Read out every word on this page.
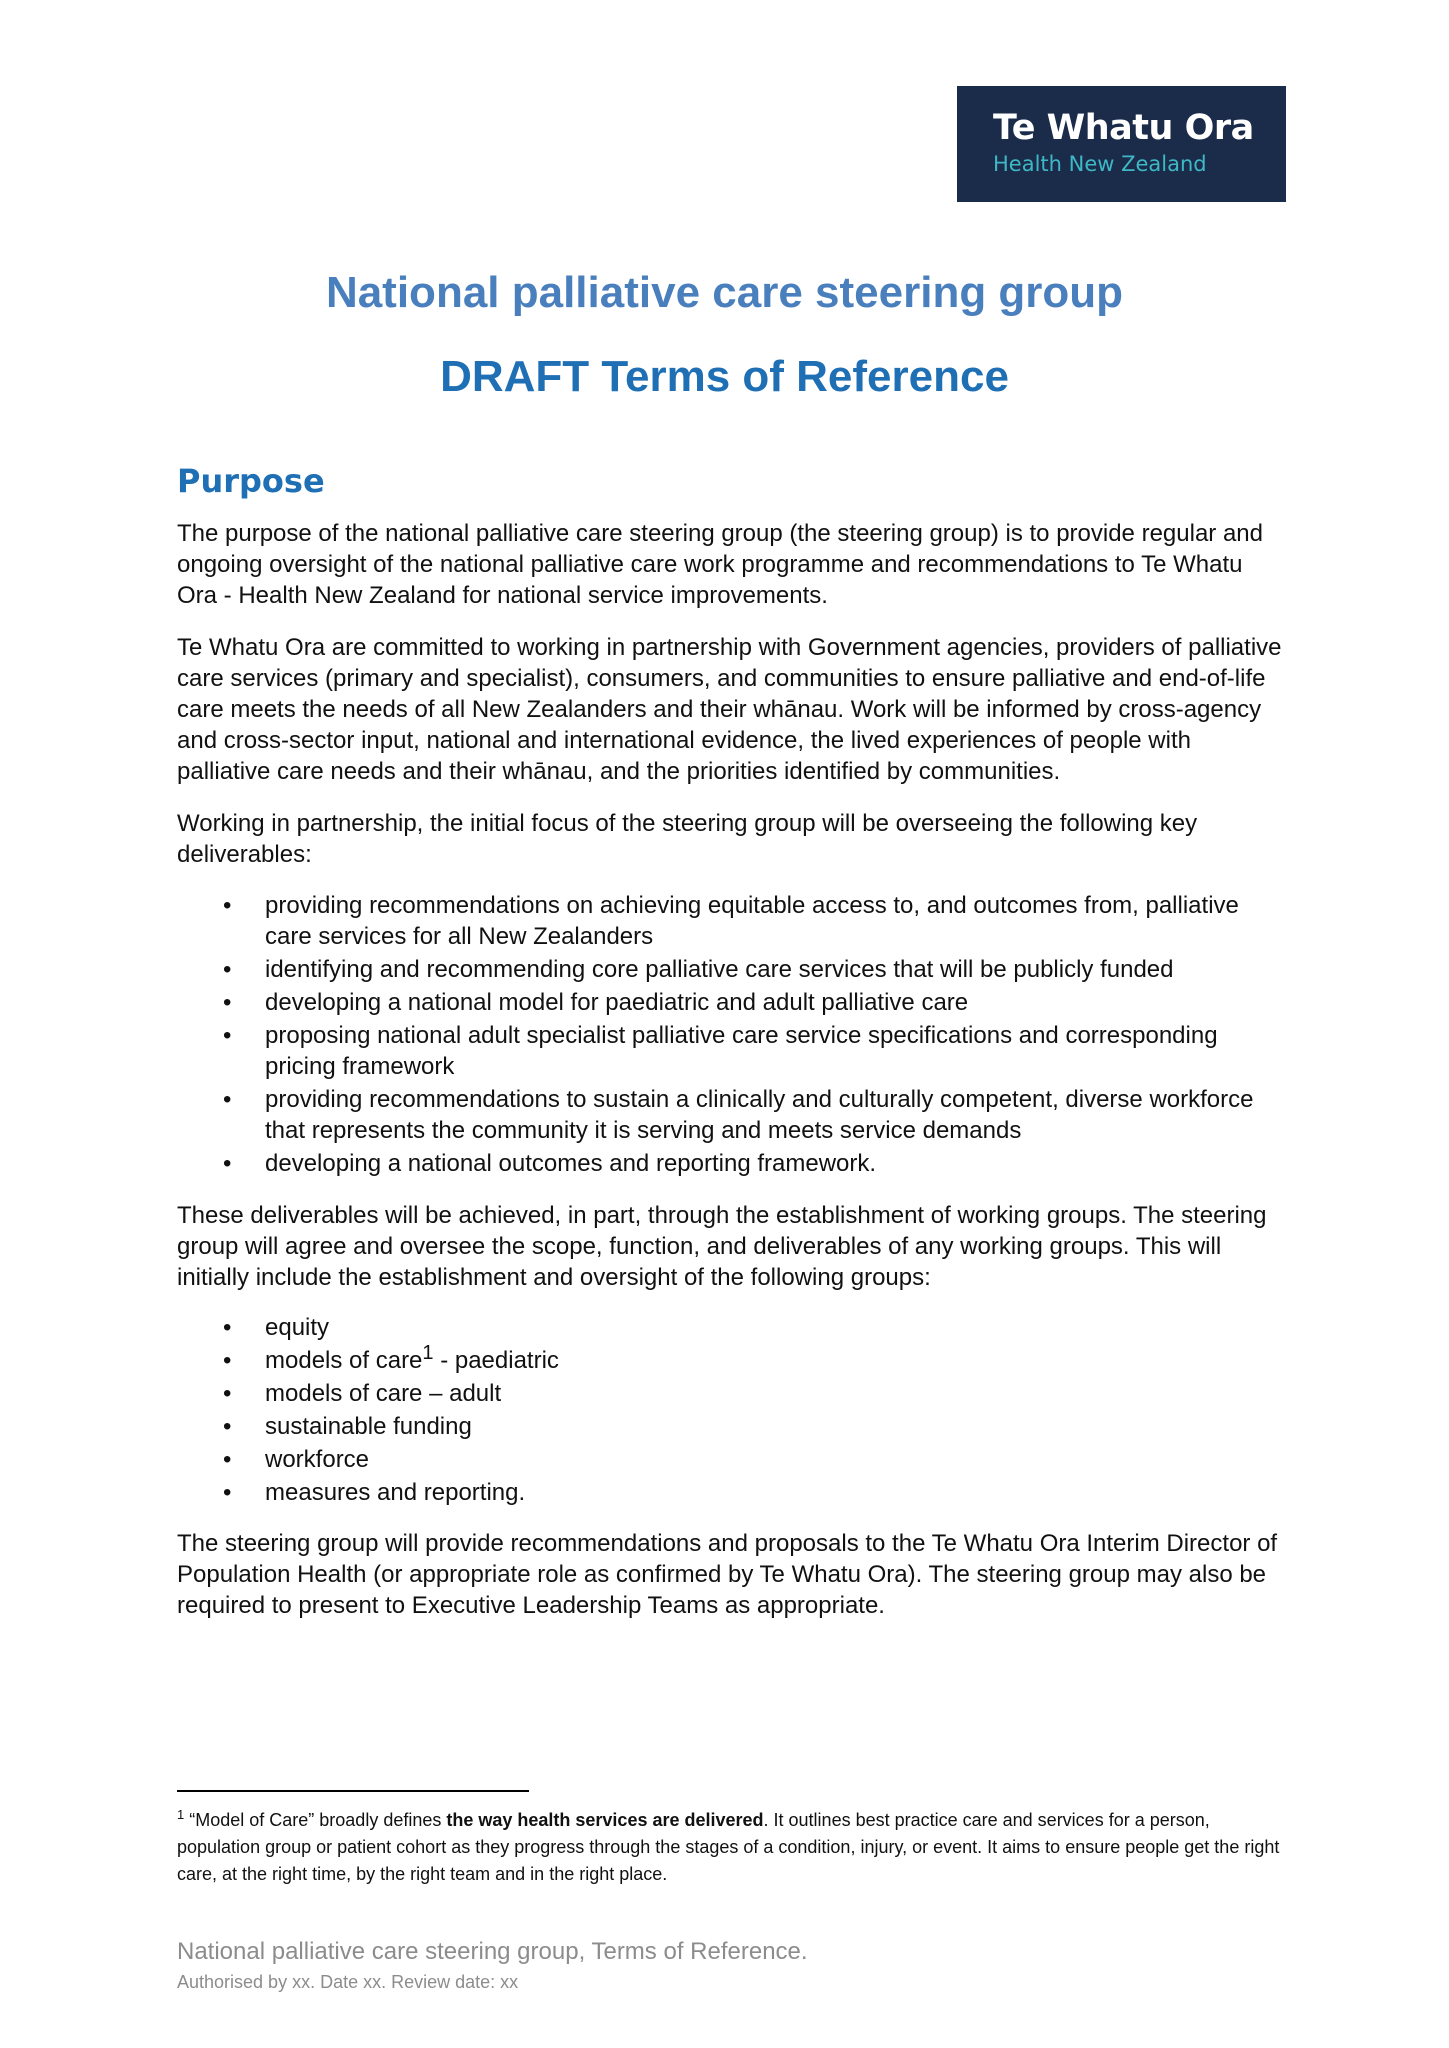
Te Whatu Ora
Health New Zealand
National palliative care steering group
DRAFT Terms of Reference
Purpose

The purpose of the national palliative care steering group (the steering group) is to provide regular and ongoing oversight of the national palliative care work programme and recommendations to Te Whatu Ora - Health New Zealand for national service improvements.

Te Whatu Ora are committed to working in partnership with Government agencies, providers of palliative care services (primary and specialist), consumers, and communities to ensure palliative and end-of-life care meets the needs of all New Zealanders and their whānau. Work will be informed by cross-agency and cross-sector input, national and international evidence, the lived experiences of people with palliative care needs and their whānau, and the priorities identified by communities.

Working in partnership, the initial focus of the steering group will be overseeing the following key deliverables:

• providing recommendations on achieving equitable access to, and outcomes from, palliative care services for all New Zealanders
• identifying and recommending core palliative care services that will be publicly funded
• developing a national model for paediatric and adult palliative care
• proposing national adult specialist palliative care service specifications and corresponding pricing framework
• providing recommendations to sustain a clinically and culturally competent, diverse workforce that represents the community it is serving and meets service demands
• developing a national outcomes and reporting framework.

These deliverables will be achieved, in part, through the establishment of working groups. The steering group will agree and oversee the scope, function, and deliverables of any working groups. This will initially include the establishment and oversight of the following groups:

• equity
• models of care$^1$ - paediatric
• models of care – adult
• sustainable funding
• workforce
• measures and reporting.

The steering group will provide recommendations and proposals to the Te Whatu Ora Interim Director of Population Health (or appropriate role as confirmed by Te Whatu Ora). The steering group may also be required to present to Executive Leadership Teams as appropriate.

$^1$ “Model of Care” broadly defines the way health services are delivered. It outlines best practice care and services for a person, population group or patient cohort as they progress through the stages of a condition, injury, or event. It aims to ensure people get the right care, at the right time, by the right team and in the right place.

National palliative care steering group, Terms of Reference.
Authorised by xx. Date xx. Review date: xx
